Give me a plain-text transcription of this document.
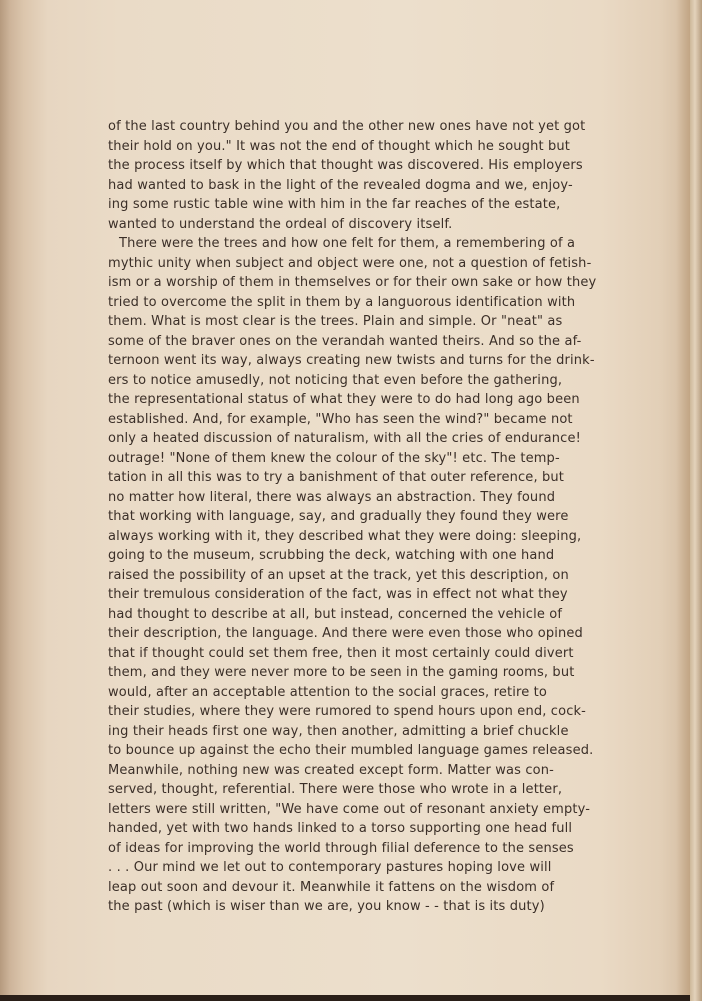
of the last country behind you and the other new ones have not yet got
their hold on you." It was not the end of thought which he sought but
the process itself by which that thought was discovered. His employers
had wanted to bask in the light of the revealed dogma and we, enjoy-
ing some rustic table wine with him in the far reaches of the estate,
wanted to understand the ordeal of discovery itself.
There were the trees and how one felt for them, a remembering of a
mythic unity when subject and object were one, not a question of fetish-
ism or a worship of them in themselves or for their own sake or how they
tried to overcome the split in them by a languorous identification with
them. What is most clear is the trees. Plain and simple. Or "neat" as
some of the braver ones on the verandah wanted theirs. And so the af-
ternoon went its way, always creating new twists and turns for the drink-
ers to notice amusedly, not noticing that even before the gathering,
the representational status of what they were to do had long ago been
established. And, for example, "Who has seen the wind?" became not
only a heated discussion of naturalism, with all the cries of endurance!
outrage! "None of them knew the colour of the sky"! etc. The temp-
tation in all this was to try a banishment of that outer reference, but
no matter how literal, there was always an abstraction. They found
that working with language, say, and gradually they found they were
always working with it, they described what they were doing: sleeping,
going to the museum, scrubbing the deck, watching with one hand
raised the possibility of an upset at the track, yet this description, on
their tremulous consideration of the fact, was in effect not what they
had thought to describe at all, but instead, concerned the vehicle of
their description, the language. And there were even those who opined
that if thought could set them free, then it most certainly could divert
them, and they were never more to be seen in the gaming rooms, but
would, after an acceptable attention to the social graces, retire to
their studies, where they were rumored to spend hours upon end, cock-
ing their heads first one way, then another, admitting a brief chuckle
to bounce up against the echo their mumbled language games released.
Meanwhile, nothing new was created except form. Matter was con-
served, thought, referential. There were those who wrote in a letter,
letters were still written, "We have come out of resonant anxiety empty-
handed, yet with two hands linked to a torso supporting one head full
of ideas for improving the world through filial deference to the senses
. . . Our mind we let out to contemporary pastures hoping love will
leap out soon and devour it. Meanwhile it fattens on the wisdom of
the past (which is wiser than we are, you know - - that is its duty)
